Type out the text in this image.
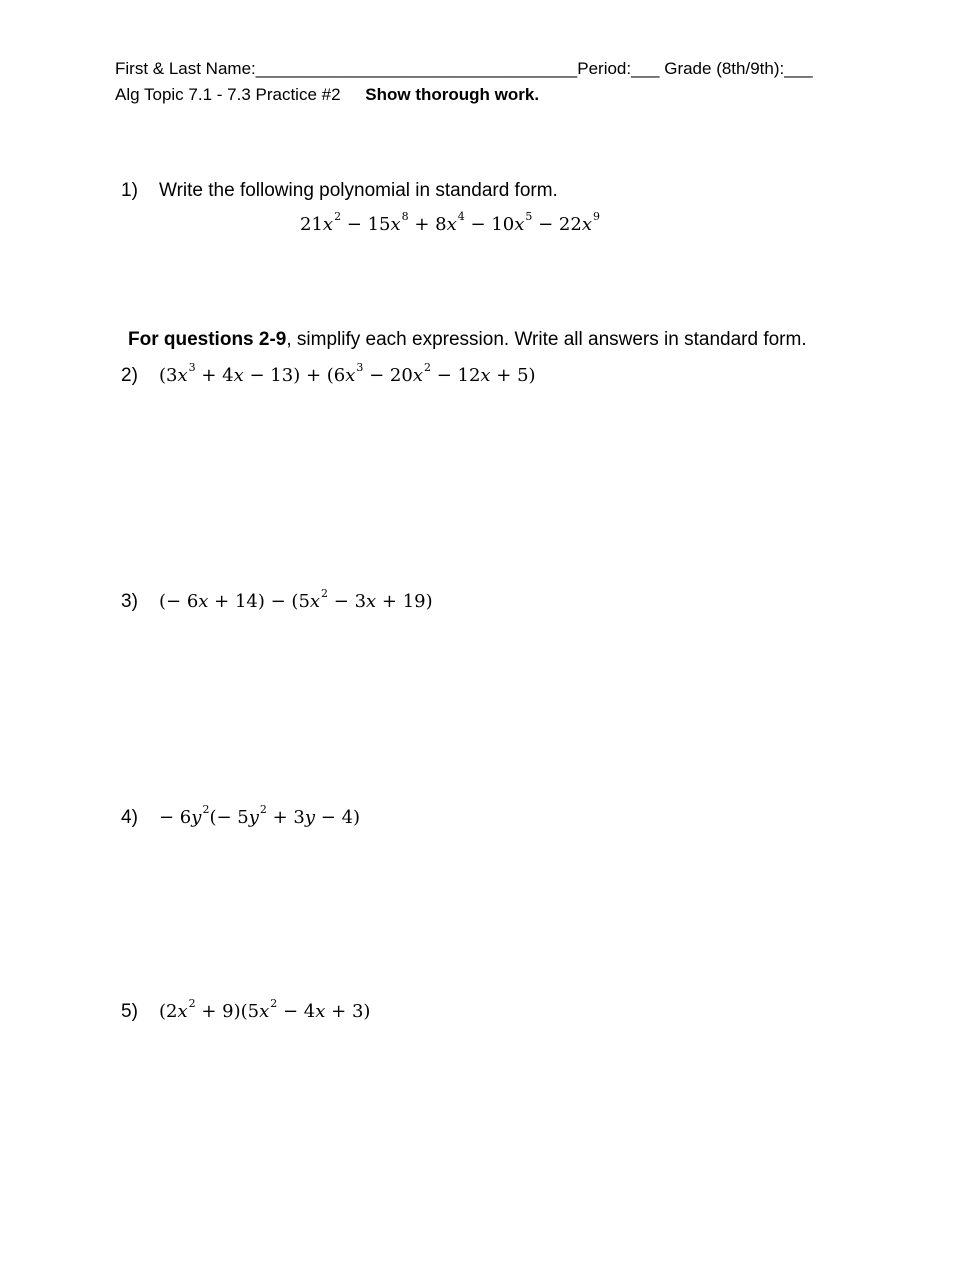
First & Last Name:__________________________________Period:___ Grade (8th/9th):___
Alg Topic 7.1 - 7.3 Practice #2 Show thorough work.
1) Write the following polynomial in standard form.
$21x^2 - 15x^8 + 8x^4 - 10x^5 - 22x^9$
For questions 2-9, simplify each expression. Write all answers in standard form.
2) $(3x^3 + 4x - 13) + (6x^3 - 20x^2 - 12x + 5)$
3) (− $6x + 14) - (5x^2 - 3x + 19)$
$4) - 6y^2(- 5y^2 + 3y - 4)$
5) $(2x^2 + 9)(5x^2 - 4x + 3)$
